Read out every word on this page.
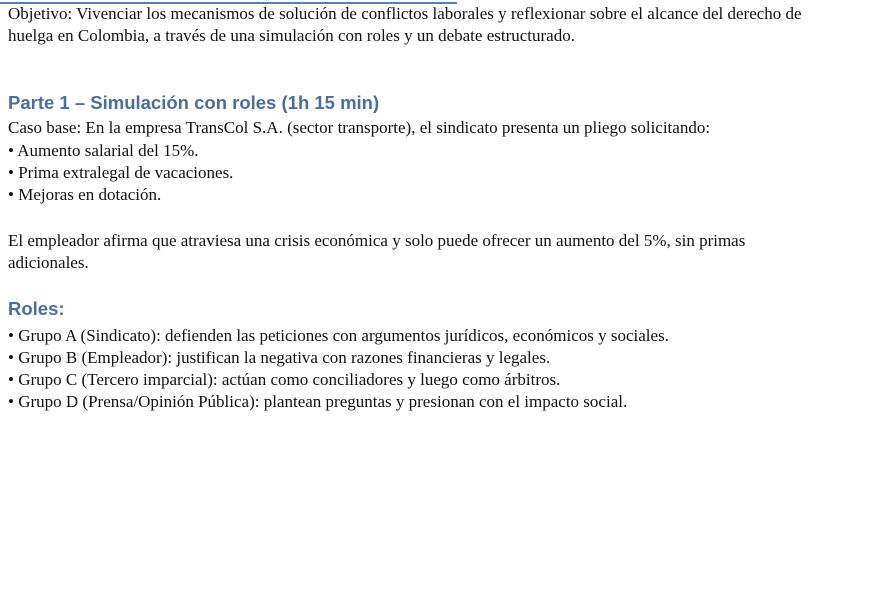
Objetivo: Vivenciar los mecanismos de solución de conflictos laborales y reflexionar sobre el alcance del derecho de huelga en Colombia, a través de una simulación con roles y un debate estructurado.

Parte 1 – Simulación con roles (1h 15 min)

Caso base: En la empresa TransCol S.A. (sector transporte), el sindicato presenta un pliego solicitando:

• Aumento salarial del 15%.

• Prima extralegal de vacaciones.

• Mejoras en dotación.

El empleador afirma que atraviesa una crisis económica y solo puede ofrecer un aumento del 5%, sin primas adicionales.

Roles:

• Grupo A (Sindicato): defienden las peticiones con argumentos jurídicos, económicos y sociales.

• Grupo B (Empleador): justifican la negativa con razones financieras y legales.

• Grupo C (Tercero imparcial): actúan como conciliadores y luego como árbitros.

• Grupo D (Prensa/Opinión Pública): plantean preguntas y presionan con el impacto social.
